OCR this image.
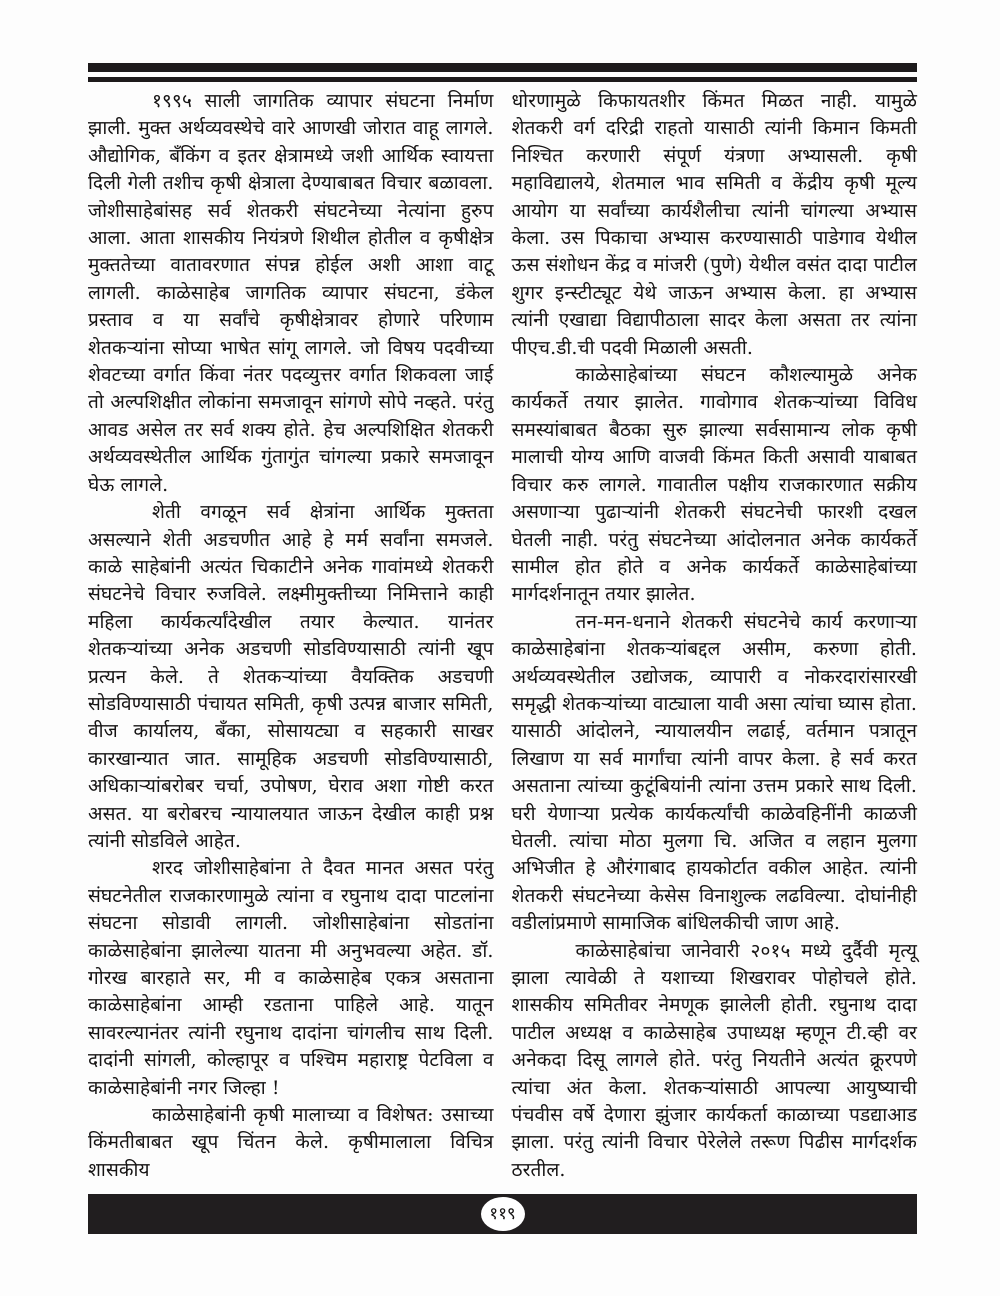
१९९५ साली जागतिक व्यापार संघटना निर्माण झाली. मुक्त अर्थव्यवस्थेचे वारे आणखी जोरात वाहू लागले. औद्योगिक, बँकिंग व इतर क्षेत्रामध्ये जशी आर्थिक स्वायत्ता दिली गेली तशीच कृषी क्षेत्राला देण्याबाबत विचार बळावला. जोशीसाहेबांसह सर्व शेतकरी संघटनेच्या नेत्यांना हुरुप आला. आता शासकीय नियंत्रणे शिथील होतील व कृषीक्षेत्र मुक्ततेच्या वातावरणात संपन्न होईल अशी आशा वाटू लागली. काळेसाहेब जागतिक व्यापार संघटना, डंकेल प्रस्ताव व या सर्वांचे कृषीक्षेत्रावर होणारे परिणाम शेतकऱ्यांना सोप्या भाषेत सांगू लागले. जो विषय पदवीच्या शेवटच्या वर्गात किंवा नंतर पदव्युत्तर वर्गात शिकवला जाई तो अल्पशिक्षीत लोकांना समजावून सांगणे सोपे नव्हते. परंतु आवड असेल तर सर्व शक्य होते. हेच अल्पशिक्षित शेतकरी अर्थव्यवस्थेतील आर्थिक गुंतागुंत चांगल्या प्रकारे समजावून घेऊ लागले.

शेती वगळून सर्व क्षेत्रांना आर्थिक मुक्तता असल्याने शेती अडचणीत आहे हे मर्म सर्वांना समजले. काळे साहेबांनी अत्यंत चिकाटीने अनेक गावांमध्ये शेतकरी संघटनेचे विचार रुजविले. लक्ष्मीमुक्तीच्या निमित्ताने काही महिला कार्यकर्त्यांदेखील तयार केल्यात. यानंतर शेतकऱ्यांच्या अनेक अडचणी सोडविण्यासाठी त्यांनी खूप प्रत्यन केले. ते शेतकऱ्यांच्या वैयक्तिक अडचणी सोडविण्यासाठी पंचायत समिती, कृषी उत्पन्न बाजार समिती, वीज कार्यालय, बँका, सोसायट्या व सहकारी साखर कारखान्यात जात. सामूहिक अडचणी सोडविण्यासाठी, अधिकाऱ्यांबरोबर चर्चा, उपोषण, घेराव अशा गोष्टी करत असत. या बरोबरच न्यायालयात जाऊन देखील काही प्रश्न त्यांनी सोडविले आहेत.

शरद जोशीसाहेबांना ते दैवत मानत असत परंतु संघटनेतील राजकारणामुळे त्यांना व रघुनाथ दादा पाटलांना संघटना सोडावी लागली. जोशीसाहेबांना सोडतांना काळेसाहेबांना झालेल्या यातना मी अनुभवल्या अहेत. डॉ. गोरख बारहाते सर, मी व काळेसाहेब एकत्र असताना काळेसाहेबांना आम्ही रडताना पाहिले आहे. यातून सावरल्यानंतर त्यांनी रघुनाथ दादांना चांगलीच साथ दिली. दादांनी सांगली, कोल्हापूर व पश्चिम महाराष्ट्र पेटविला व काळेसाहेबांनी नगर जिल्हा !

काळेसाहेबांनी कृषी मालाच्या व विशेषत: उसाच्या किंमतीबाबत खूप चिंतन केले. कृषीमालाला विचित्र शासकीय

धोरणामुळे किफायतशीर किंमत मिळत नाही. यामुळे शेतकरी वर्ग दरिद्री राहतो यासाठी त्यांनी किमान किमती निश्चित करणारी संपूर्ण यंत्रणा अभ्यासली. कृषी महाविद्यालये, शेतमाल भाव समिती व केंद्रीय कृषी मूल्य आयोग या सर्वांच्या कार्यशैलीचा त्यांनी चांगल्या अभ्यास केला. उस पिकाचा अभ्यास करण्यासाठी पाडेगाव येथील ऊस संशोधन केंद्र व मांजरी (पुणे) येथील वसंत दादा पाटील शुगर इन्स्टीट्यूट येथे जाऊन अभ्यास केला. हा अभ्यास त्यांनी एखाद्या विद्यापीठाला सादर केला असता तर त्यांना पीएच.डी.ची पदवी मिळाली असती.

काळेसाहेबांच्या संघटन कौशल्यामुळे अनेक कार्यकर्ते तयार झालेत. गावोगाव शेतकऱ्यांच्या विविध समस्यांबाबत बैठका सुरु झाल्या सर्वसामान्य लोक कृषी मालाची योग्य आणि वाजवी किंमत किती असावी याबाबत विचार करु लागले. गावातील पक्षीय राजकारणात सक्रीय असणाऱ्या पुढाऱ्यांनी शेतकरी संघटनेची फारशी दखल घेतली नाही. परंतु संघटनेच्या आंदोलनात अनेक कार्यकर्ते सामील होत होते व अनेक कार्यकर्ते काळेसाहेबांच्या मार्गदर्शनातून तयार झालेत.

तन-मन-धनाने शेतकरी संघटनेचे कार्य करणाऱ्या काळेसाहेबांना शेतकऱ्यांबद्दल असीम, करुणा होती. अर्थव्यवस्थेतील उद्योजक, व्यापारी व नोकरदारांसारखी समृद्धी शेतकऱ्यांच्या वाट्याला यावी असा त्यांचा घ्यास होता. यासाठी आंदोलने, न्यायालयीन लढाई, वर्तमान पत्रातून लिखाण या सर्व मार्गांचा त्यांनी वापर केला. हे सर्व करत असताना त्यांच्या कुटूंबियांनी त्यांना उत्तम प्रकारे साथ दिली. घरी येणाऱ्या प्रत्येक कार्यकर्त्यांची काळेवहिनींनी काळजी घेतली. त्यांचा मोठा मुलगा चि. अजित व लहान मुलगा अभिजीत हे औरंगाबाद हायकोर्टात वकील आहेत. त्यांनी शेतकरी संघटनेच्या केसेस विनाशुल्क लढविल्या. दोघांनीही वडीलांप्रमाणे सामाजिक बांधिलकीची जाण आहे.

काळेसाहेबांचा जानेवारी २०१५ मध्ये दुर्दैवी मृत्यू झाला त्यावेळी ते यशाच्या शिखरावर पोहोचले होते. शासकीय समितीवर नेमणूक झालेली होती. रघुनाथ दादा पाटील अध्यक्ष व काळेसाहेब उपाध्यक्ष म्हणून टी.व्ही वर अनेकदा दिसू लागले होते. परंतु नियतीने अत्यंत क्रूरपणे त्यांचा अंत केला. शेतकऱ्यांसाठी आपल्या आयुष्याची पंचवीस वर्षे देणारा झुंजार कार्यकर्ता काळाच्या पडद्याआड झाला. परंतु त्यांनी विचार पेरेलेले तरूण पिढीस मार्गदर्शक ठरतील.

११९
